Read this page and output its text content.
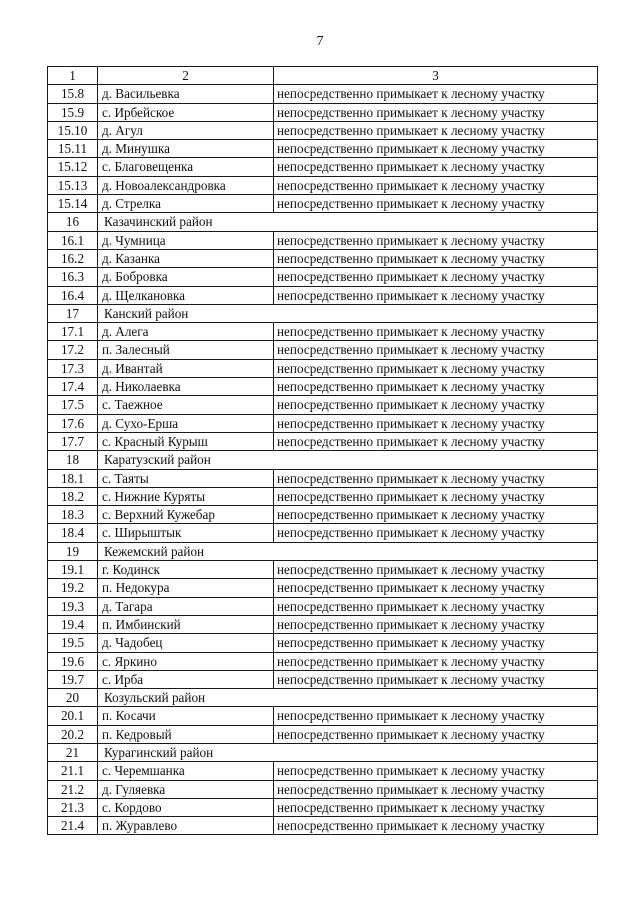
7
1	2	3
15.8	д. Васильевка	непосредственно примыкает к лесному участку
15.9	с. Ирбейское	непосредственно примыкает к лесному участку
15.10	д. Агул	непосредственно примыкает к лесному участку
15.11	д. Минушка	непосредственно примыкает к лесному участку
15.12	с. Благовещенка	непосредственно примыкает к лесному участку
15.13	д. Новоалександровка	непосредственно примыкает к лесному участку
15.14	д. Стрелка	непосредственно примыкает к лесному участку
16	Казачинский район	
16.1	д. Чумница	непосредственно примыкает к лесному участку
16.2	д. Казанка	непосредственно примыкает к лесному участку
16.3	д. Бобровка	непосредственно примыкает к лесному участку
16.4	д. Щелкановка	непосредственно примыкает к лесному участку
17	Канский район	
17.1	д. Алега	непосредственно примыкает к лесному участку
17.2	п. Залесный	непосредственно примыкает к лесному участку
17.3	д. Ивантай	непосредственно примыкает к лесному участку
17.4	д. Николаевка	непосредственно примыкает к лесному участку
17.5	с. Таежное	непосредственно примыкает к лесному участку
17.6	д. Сухо-Ерша	непосредственно примыкает к лесному участку
17.7	с. Красный Курыш	непосредственно примыкает к лесному участку
18	Каратузский район	
18.1	с. Таяты	непосредственно примыкает к лесному участку
18.2	с. Нижние Куряты	непосредственно примыкает к лесному участку
18.3	с. Верхний Кужебар	непосредственно примыкает к лесному участку
18.4	с. Ширыштык	непосредственно примыкает к лесному участку
19	Кежемский район	
19.1	г. Кодинск	непосредственно примыкает к лесному участку
19.2	п. Недокура	непосредственно примыкает к лесному участку
19.3	д. Тагара	непосредственно примыкает к лесному участку
19.4	п. Имбинский	непосредственно примыкает к лесному участку
19.5	д. Чадобец	непосредственно примыкает к лесному участку
19.6	с. Яркино	непосредственно примыкает к лесному участку
19.7	с. Ирба	непосредственно примыкает к лесному участку
20	Козульский район	
20.1	п. Косачи	непосредственно примыкает к лесному участку
20.2	п. Кедровый	непосредственно примыкает к лесному участку
21	Курагинский район	
21.1	с. Черемшанка	непосредственно примыкает к лесному участку
21.2	д. Гуляевка	непосредственно примыкает к лесному участку
21.3	с. Кордово	непосредственно примыкает к лесному участку
21.4	п. Журавлево	непосредственно примыкает к лесному участку
